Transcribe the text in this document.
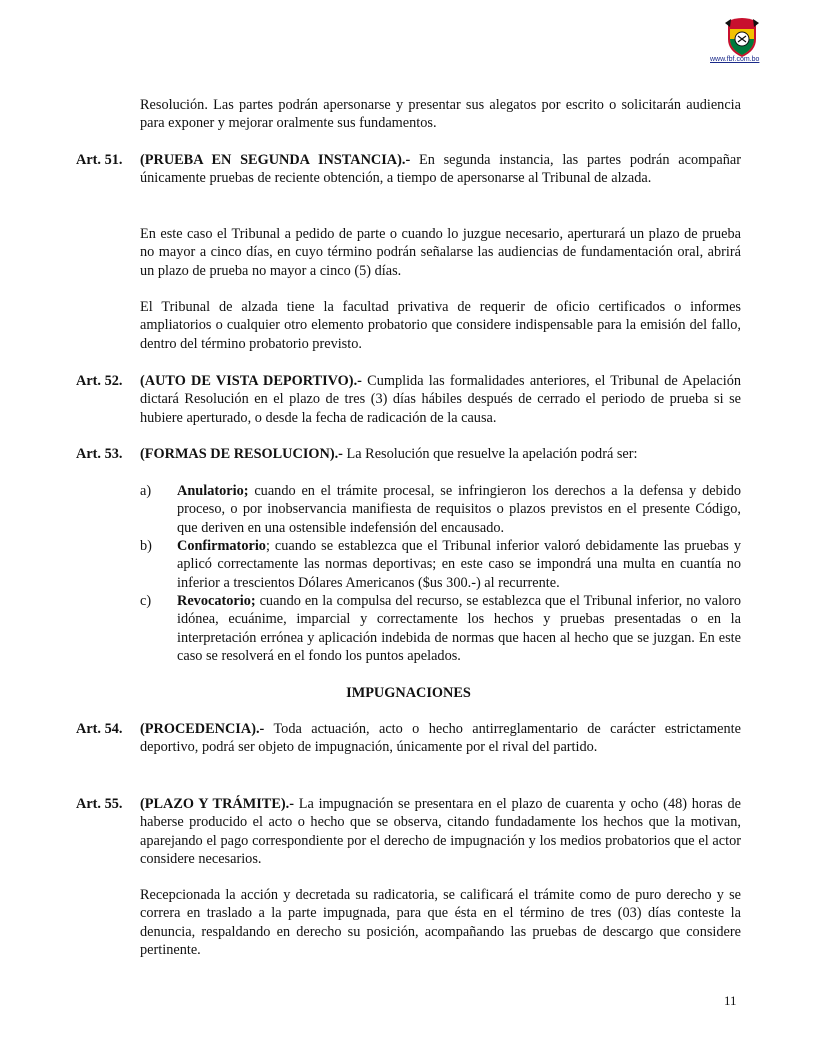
www.fbf.com.bo
Resolución. Las partes podrán apersonarse y presentar sus alegatos por escrito o solicitarán audiencia para exponer y mejorar oralmente sus fundamentos.
Art. 51. (PRUEBA EN SEGUNDA INSTANCIA).- En segunda instancia, las partes podrán acompañar únicamente pruebas de reciente obtención, a tiempo de apersonarse al Tribunal de alzada.
En este caso el Tribunal a pedido de parte o cuando lo juzgue necesario, aperturará un plazo de prueba no mayor a cinco días, en cuyo término podrán señalarse las audiencias de fundamentación oral, abrirá un plazo de prueba no mayor a cinco (5) días.
El Tribunal de alzada tiene la facultad privativa de requerir de oficio certificados o informes ampliatorios o cualquier otro elemento probatorio que considere indispensable para la emisión del fallo, dentro del término probatorio previsto.
Art. 52. (AUTO DE VISTA DEPORTIVO).- Cumplida las formalidades anteriores, el Tribunal de Apelación dictará Resolución en el plazo de tres (3) días hábiles después de cerrado el periodo de prueba si se hubiere aperturado, o desde la fecha de radicación de la causa.
Art. 53. (FORMAS DE RESOLUCION).- La Resolución que resuelve la apelación podrá ser:
a) Anulatorio; cuando en el trámite procesal, se infringieron los derechos a la defensa y debido proceso, o por inobservancia manifiesta de requisitos o plazos previstos en el presente Código, que deriven en una ostensible indefensión del encausado.
b) Confirmatorio; cuando se establezca que el Tribunal inferior valoró debidamente las pruebas y aplicó correctamente las normas deportivas; en este caso se impondrá una multa en cuantía no inferior a trescientos Dólares Americanos ($us 300.-) al recurrente.
c) Revocatorio; cuando en la compulsa del recurso, se establezca que el Tribunal inferior, no valoro idónea, ecuánime, imparcial y correctamente los hechos y pruebas presentadas o en la interpretación errónea y aplicación indebida de normas que hacen al hecho que se juzgan. En este caso se resolverá en el fondo los puntos apelados.
IMPUGNACIONES
Art. 54. (PROCEDENCIA).- Toda actuación, acto o hecho antirreglamentario de carácter estrictamente deportivo, podrá ser objeto de impugnación, únicamente por el rival del partido.
Art. 55. (PLAZO Y TRÁMITE).- La impugnación se presentara en el plazo de cuarenta y ocho (48) horas de haberse producido el acto o hecho que se observa, citando fundadamente los hechos que la motivan, aparejando el pago correspondiente por el derecho de impugnación y los medios probatorios que el actor considere necesarios.
Recepcionada la acción y decretada su radicatoria, se calificará el trámite como de puro derecho y se correra en traslado a la parte impugnada, para que ésta en el término de tres (03) días conteste la denuncia, respaldando en derecho su posición, acompañando las pruebas de descargo que considere pertinente.
11
